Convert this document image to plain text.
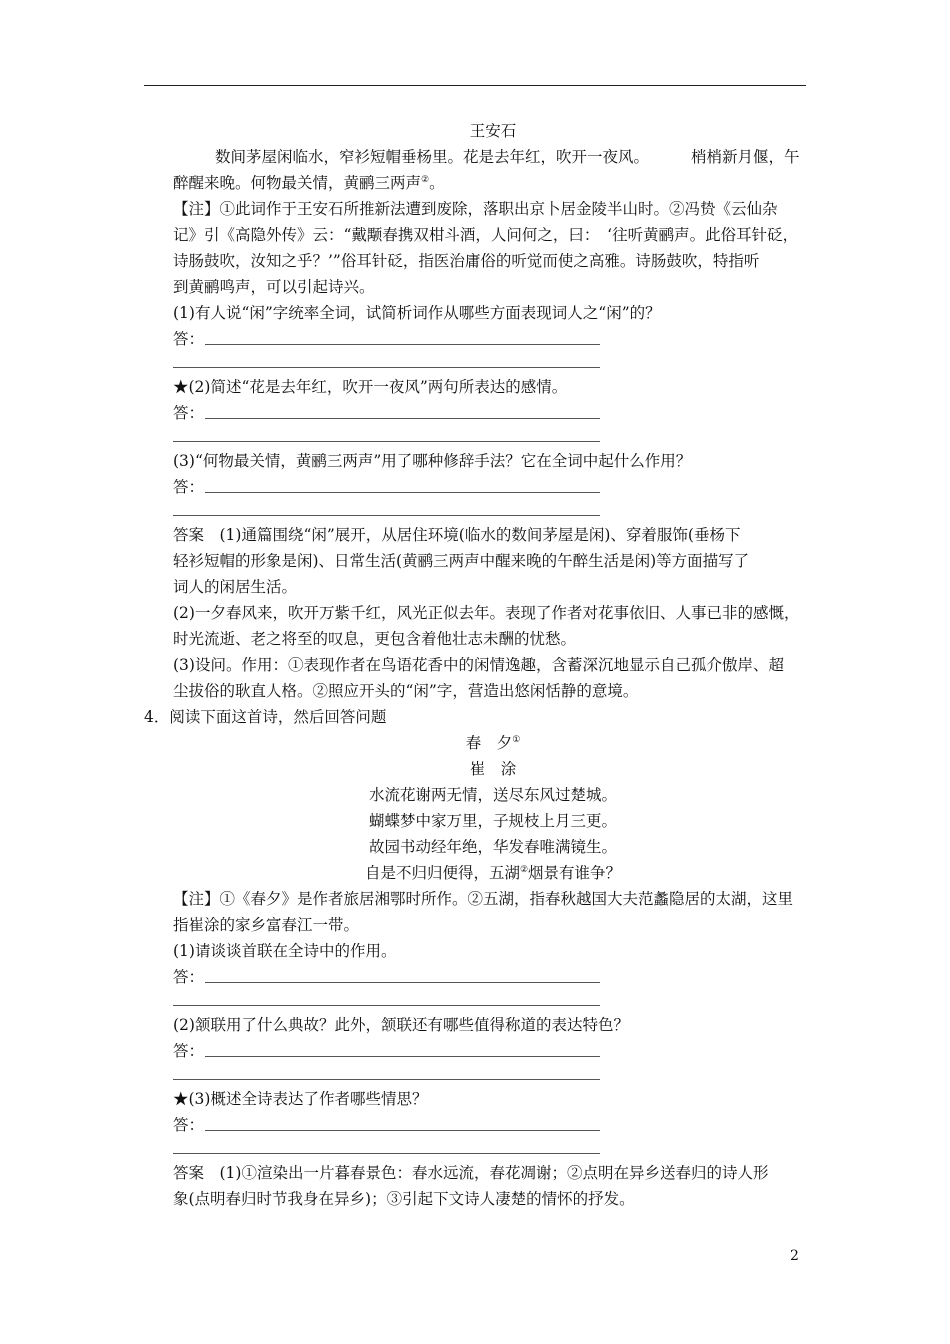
王安石
数间茅屋闲临水，窄衫短帽垂杨里。花是去年红，吹开一夜风。	梢梢新月偃，午
醉醒来晚。何物最关情，黄鹂三两声②。
【注】①此词作于王安石所推新法遭到废除，落职出京卜居金陵半山时。②冯贽《云仙杂
记》引《高隐外传》云：“戴颙春携双柑斗酒，人问何之，曰：　‘往听黄鹂声。此俗耳针砭，
诗肠鼓吹，汝知之乎？’”俗耳针砭，指医治庸俗的听觉而使之高雅。诗肠鼓吹，特指听
到黄鹂鸣声，可以引起诗兴。
(1)有人说“闲”字统率全词，试简析词作从哪些方面表现词人之“闲”的？
答：
★(2)简述“花是去年红，吹开一夜风”两句所表达的感情。
答：
(3)“何物最关情，黄鹂三两声”用了哪种修辞手法？它在全词中起什么作用？
答：
答案　(1)通篇围绕“闲”展开，从居住环境(临水的数间茅屋是闲)、穿着服饰(垂杨下
轻衫短帽的形象是闲)、日常生活(黄鹂三两声中醒来晚的午醉生活是闲)等方面描写了
词人的闲居生活。
(2)一夕春风来，吹开万紫千红，风光正似去年。表现了作者对花事依旧、人事已非的感慨，
时光流逝、老之将至的叹息，更包含着他壮志未酬的忧愁。
(3)设问。作用：①表现作者在鸟语花香中的闲情逸趣，含蓄深沉地显示自己孤介傲岸、超
尘拔俗的耿直人格。②照应开头的“闲”字，营造出悠闲恬静的意境。
4．阅读下面这首诗，然后回答问题
春　夕①
崔　涂
水流花谢两无情，送尽东风过楚城。
蝴蝶梦中家万里，子规枝上月三更。
故园书动经年绝，华发春唯满镜生。
自是不归归便得，五湖②烟景有谁争？
【注】①《春夕》是作者旅居湘鄂时所作。②五湖，指春秋越国大夫范蠡隐居的太湖，这里
指崔涂的家乡富春江一带。
(1)请谈谈首联在全诗中的作用。
答：
(2)颔联用了什么典故？此外，颔联还有哪些值得称道的表达特色？
答：
★(3)概述全诗表达了作者哪些情思？
答：
答案　(1)①渲染出一片暮春景色：春水远流，春花凋谢；②点明在异乡送春归的诗人形
象(点明春归时节我身在异乡)；③引起下文诗人凄楚的情怀的抒发。
2
